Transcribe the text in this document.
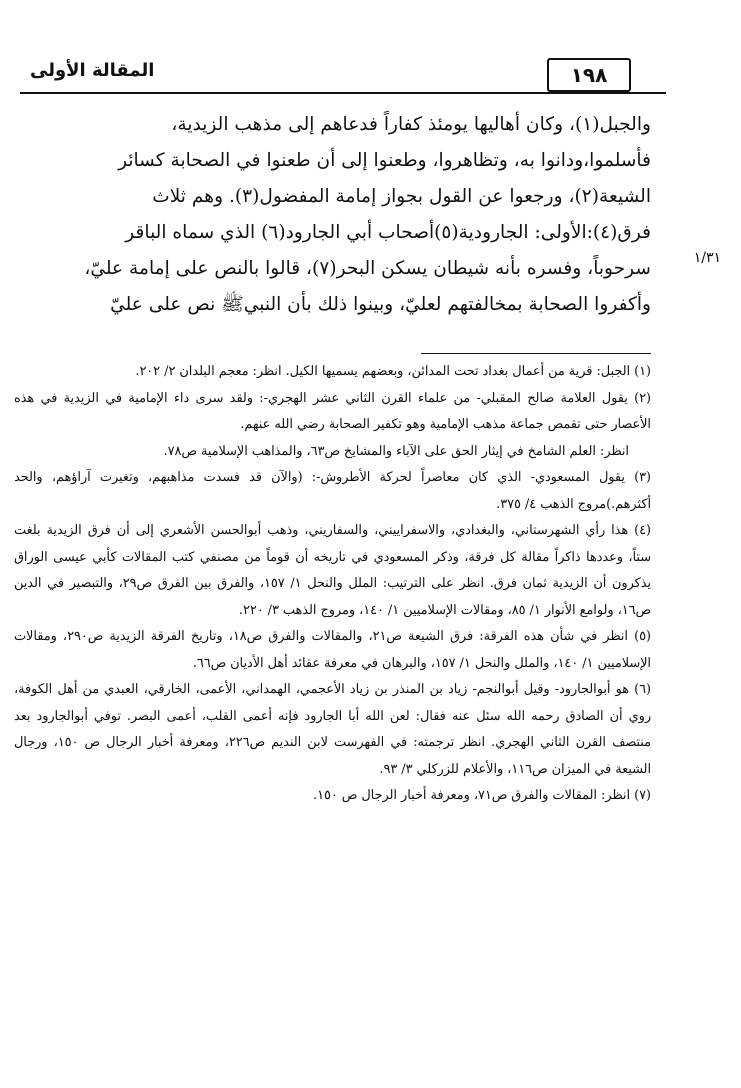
١٩٨
المقالة الأولى
١/٣١
والجبل(١)، وكان أهاليها يومئذ كفاراً فدعاهم إلى مذهب الزيدية،
فأسلموا،ودانوا به، وتظاهروا، وطعنوا إلى أن طعنوا في الصحابة كسائر
الشيعة(٢)، ورجعوا عن القول بجواز إمامة المفضول(٣). وهم ثلاث
فرق(٤):الأولى: الجارودية(٥)أصحاب أبي الجارود(٦) الذي سماه الباقر
سرحوباً، وفسره بأنه شيطان يسكن البحر(٧)، قالوا بالنص على إمامة عليّ،
وأكفروا الصحابة بمخالفتهم لعليّ، وبينوا ذلك بأن النبيﷺ نص على عليّ

(١) الجبل: قرية من أعمال بغداد تحت المدائن، وبعضهم يسميها الكيل. انظر: معجم البلدان ٢/ ٢٠٢.

(٢) يقول العلامة صالح المقبلي- من علماء القرن الثاني عشر الهجري-: ولقد سرى داء الإمامية في الزيدية في هذه الأعصار حتى تقمص جماعة مذهب الإمامية وهو تكفير الصحابة رضي الله عنهم.

انظر: العلم الشامخ في إيثار الحق على الآباء والمشايخ ص٦٣، والمذاهب الإسلامية ص٧٨.

(٣) يقول المسعودي- الذي كان معاصراً لحركة الأطروش-: (والآن قد فسدت مذاهبهم، وتغيرت آراؤهم، والحد أكثرهم.)مروج الذهب ٤/ ٣٧٥.

(٤) هذا رأي الشهرستاني، والبغدادي، والاسفراييني، والسفاريني، وذهب أبوالحسن الأشعري إلى أن فرق الزيدية بلغت ستاً، وعددها ذاكراً مقالة كل فرقة، وذكر المسعودي في تاريخه أن قوماً من مصنفي كتب المقالات كأبي عيسى الوراق يذكرون أن الزيدية ثمان فرق. انظر على الترتيب: الملل والنحل ١/ ١٥٧، والفرق بين الفرق ص٢٩، والتبصير في الدين ص١٦، ولوامع الأنوار ١/ ٨٥، ومقالات الإسلاميين ١/ ١٤٠، ومروج الذهب ٣/ ٢٢٠.

(٥) انظر في شأن هذه الفرقة: فرق الشيعة ص٢١، والمقالات والفرق ص١٨، وتاريخ الفرقة الزيدية ص٢٩٠، ومقالات الإسلاميين ١/ ١٤٠، والملل والنحل ١/ ١٥٧، والبرهان في معرفة عقائد أهل الأديان ص٦٦.

(٦) هو أبوالجارود- وقيل أبوالنجم- زياد بن المنذر بن زياد الأعجمي، الهمداني، الأعمى، الخارقي، العبدي من أهل الكوفة، روي أن الصادق رحمه الله سئل عنه فقال: لعن الله أبا الجارود فإنه أعمى القلب، أعمى البصر. توفي أبوالجارود بعد منتصف القرن الثاني الهجري. انظر ترجمته: في الفهرست لابن النديم ص٢٢٦، ومعرفة أخبار الرجال ص ١٥٠، ورجال الشيعة في الميزان ص١١٦، والأعلام للزركلي ٣/ ٩٣.

(٧) انظر: المقالات والفرق ص٧١، ومعرفة أخبار الرجال ص ١٥٠.
